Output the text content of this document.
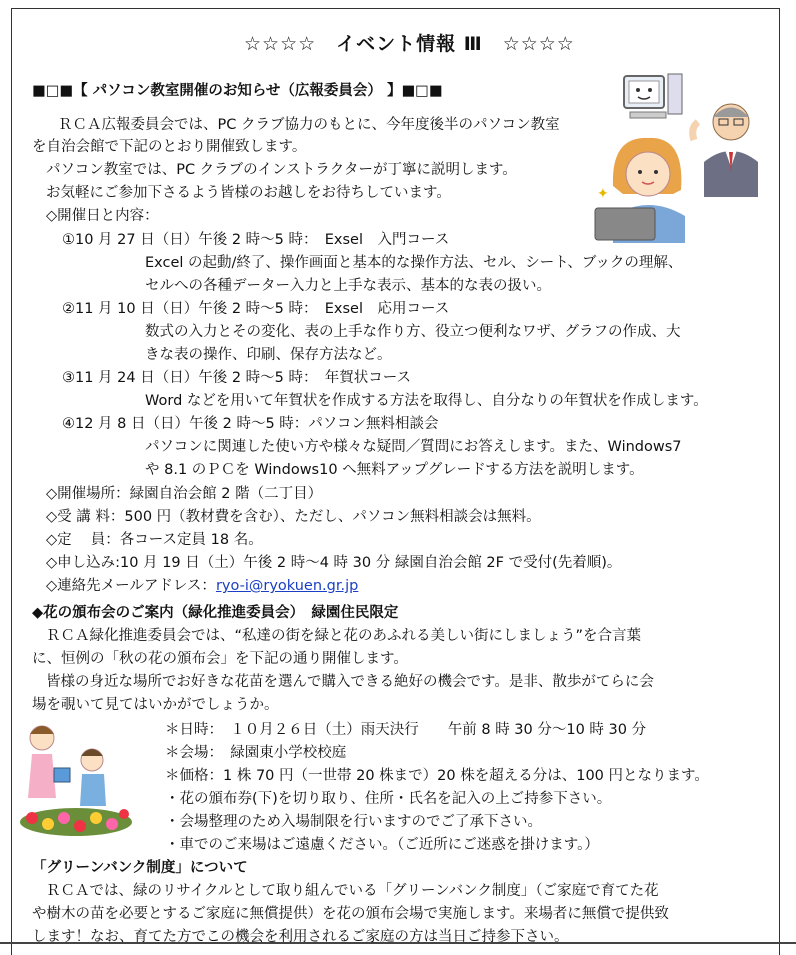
☆☆☆☆　イベント情報 Ⅲ　☆☆☆☆
■□■【 パソコン教室開催のお知らせ（広報委員会） 】■□■
ＲＣＡ広報委員会では、PC クラブ協力のもとに、今年度後半のパソコン教室
を自治会館で下記のとおり開催致します。
パソコン教室では、PC クラブのインストラクターが丁寧に説明します。
お気軽にご参加下さるよう皆様のお越しをお待ちしています。
◇開催日と内容：
①10 月 27 日（日）午後 2 時～5 時：　Exsel　入門コース
Excel の起動/終了、操作画面と基本的な操作方法、セル、シート、ブックの理解、
セルへの各種データー入力と上手な表示、基本的な表の扱い。
②11 月 10 日（日）午後 2 時～5 時：　Exsel　応用コース
数式の入力とその変化、表の上手な作り方、役立つ便利なワザ、グラフの作成、大
きな表の操作、印刷、保存方法など。
③11 月 24 日（日）午後 2 時～5 時：　年賀状コース
Word などを用いて年賀状を作成する方法を取得し、自分なりの年賀状を作成します。
④12 月 8 日（日）午後 2 時～5 時：パソコン無料相談会
パソコンに関連した使い方や様々な疑問／質問にお答えします。また、Windows7
や 8.1 のＰＣを Windows10 へ無料アップグレードする方法を説明します。
◇開催場所：緑園自治会館 2 階（二丁目）
◇受 講 料：500 円（教材費を含む）、ただし、パソコン無料相談会は無料。
◇定　 員：各コース定員 18 名。
◇申し込み:10 月 19 日（土）午後 2 時～4 時 30 分 緑園自治会館 2F で受付(先着順)。
◇連絡先メールアドレス：ryo-i@ryokuen.gr.jp
◆花の頒布会のご案内（緑化推進委員会）　緑園住民限定
ＲＣＡ緑化推進委員会では、“私達の街を緑と花のあふれる美しい街にしましょう”を合言葉
に、恒例の「秋の花の頒布会」を下記の通り開催します。
皆様の身近な場所でお好きな花苗を選んで購入できる絶好の機会です。是非、散歩がてらに会
場を覗いて見てはいかがでしょうか。
＊日時：　１０月２６日（土）雨天決行　　午前 8 時 30 分～10 時 30 分
＊会場：　緑園東小学校校庭
＊価格：1 株 70 円（一世帯 20 株まで）20 株を超える分は、100 円となります。
・花の頒布券(下)を切り取り、住所・氏名を記入の上ご持参下さい。
・会場整理のため入場制限を行いますのでご了承下さい。
・車でのご来場はご遠慮ください。（ご近所にご迷惑を掛けます。）
「グリーンバンク制度」について
ＲＣＡでは、緑のリサイクルとして取り組んでいる「グリーンバンク制度」（ご家庭で育てた花
や樹木の苗を必要とするご家庭に無償提供）を花の頒布会場で実施します。来場者に無償で提供致
します！なお、育てた方でこの機会を利用されるご家庭の方は当日ご持参下さい。
✦
